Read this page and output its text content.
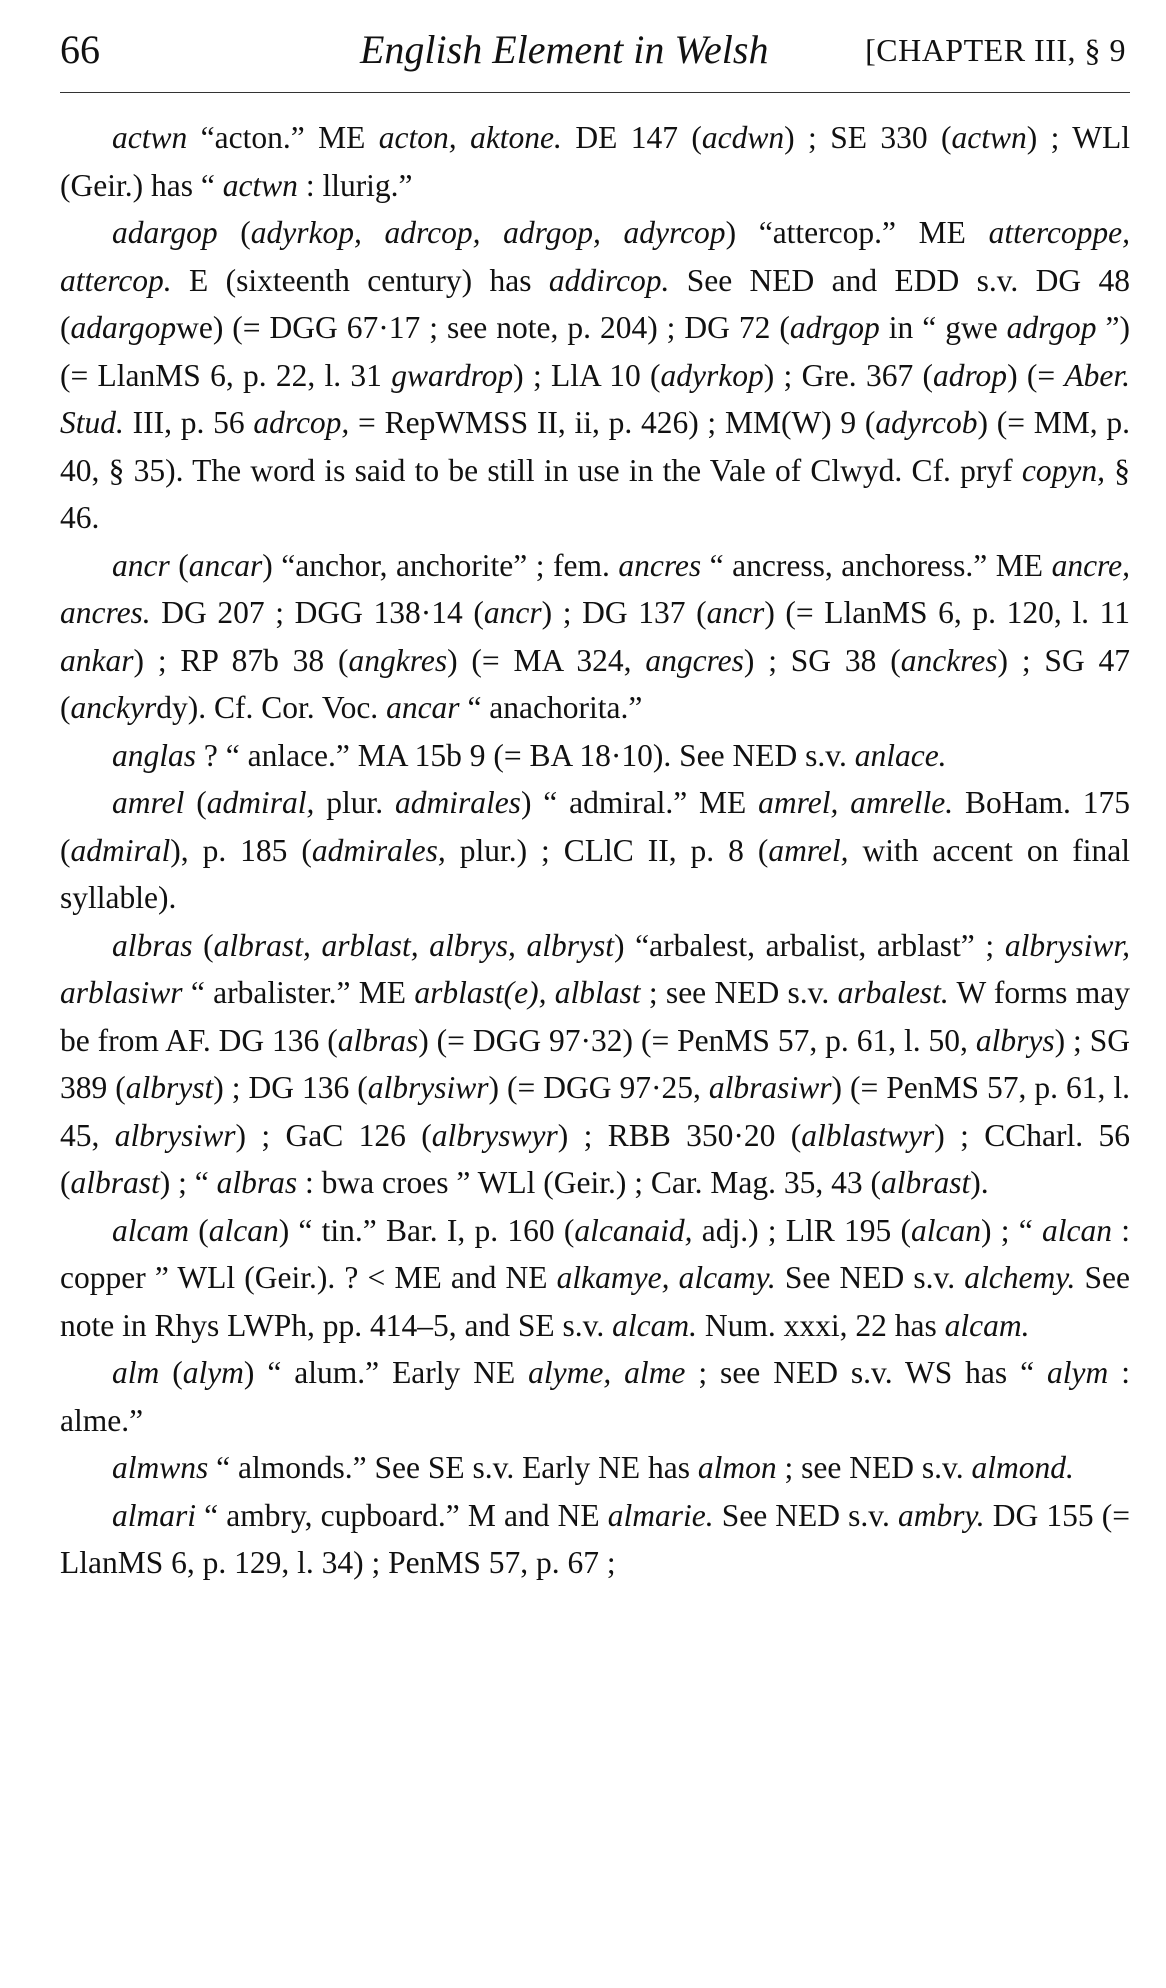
66	English Element in Welsh	[CHAPTER III, § 9

actwn “acton.” ME acton, aktone. DE 147 (acdwn) ; SE 330 (actwn) ; WLl (Geir.) has “ actwn : llurig.”

adargop (adyrkop, adrcop, adrgop, adyrcop) “attercop.” ME attercoppe, attercop. E (sixteenth century) has addircop. See NED and EDD s.v. DG 48 (adargopwe) (= DGG 67·17 ; see note, p. 204) ; DG 72 (adrgop in “ gwe adrgop ”) (= LlanMS 6, p. 22, l. 31 gwardrop) ; LlA 10 (adyrkop) ; Gre. 367 (adrop) (= Aber. Stud. III, p. 56 adrcop, = RepWMSS II, ii, p. 426) ; MM(W) 9 (adyrcob) (= MM, p. 40, § 35). The word is said to be still in use in the Vale of Clwyd. Cf. pryf copyn, § 46.

ancr (ancar) “anchor, anchorite” ; fem. ancres “ ancress, anchoress.” ME ancre, ancres. DG 207 ; DGG 138·14 (ancr) ; DG 137 (ancr) (= LlanMS 6, p. 120, l. 11 ankar) ; RP 87b 38 (angkres) (= MA 324, angcres) ; SG 38 (anckres) ; SG 47 (anckyrdy). Cf. Cor. Voc. ancar “ anachorita.”

anglas ? “ anlace.” MA 15b 9 (= BA 18·10). See NED s.v. anlace.

amrel (admiral, plur. admirales) “ admiral.” ME amrel, amrelle. BoHam. 175 (admiral), p. 185 (admirales, plur.) ; CLlC II, p. 8 (amrel, with accent on final syllable).

albras (albrast, arblast, albrys, albryst) “arbalest, arbalist, arblast” ; albrysiwr, arblasiwr “ arbalister.” ME arblast(e), alblast ; see NED s.v. arbalest. W forms may be from AF. DG 136 (albras) (= DGG 97·32) (= PenMS 57, p. 61, l. 50, albrys) ; SG 389 (albryst) ; DG 136 (albrysiwr) (= DGG 97·25, albrasiwr) (= PenMS 57, p. 61, l. 45, albrysiwr) ; GaC 126 (albryswyr) ; RBB 350·20 (alblastwyr) ; CCharl. 56 (albrast) ; “ albras : bwa croes ” WLl (Geir.) ; Car. Mag. 35, 43 (albrast).

alcam (alcan) “ tin.” Bar. I, p. 160 (alcanaid, adj.) ; LlR 195 (alcan) ; “ alcan : copper ” WLl (Geir.). ? < ME and NE alkamye, alcamy. See NED s.v. alchemy. See note in Rhys LWPh, pp. 414–5, and SE s.v. alcam. Num. xxxi, 22 has alcam.

alm (alym) “ alum.” Early NE alyme, alme ; see NED s.v. WS has “ alym : alme.”

almwns “ almonds.” See SE s.v. Early NE has almon ; see NED s.v. almond.

almari “ ambry, cupboard.” M and NE almarie. See NED s.v. ambry. DG 155 (= LlanMS 6, p. 129, l. 34) ; PenMS 57, p. 67 ;
